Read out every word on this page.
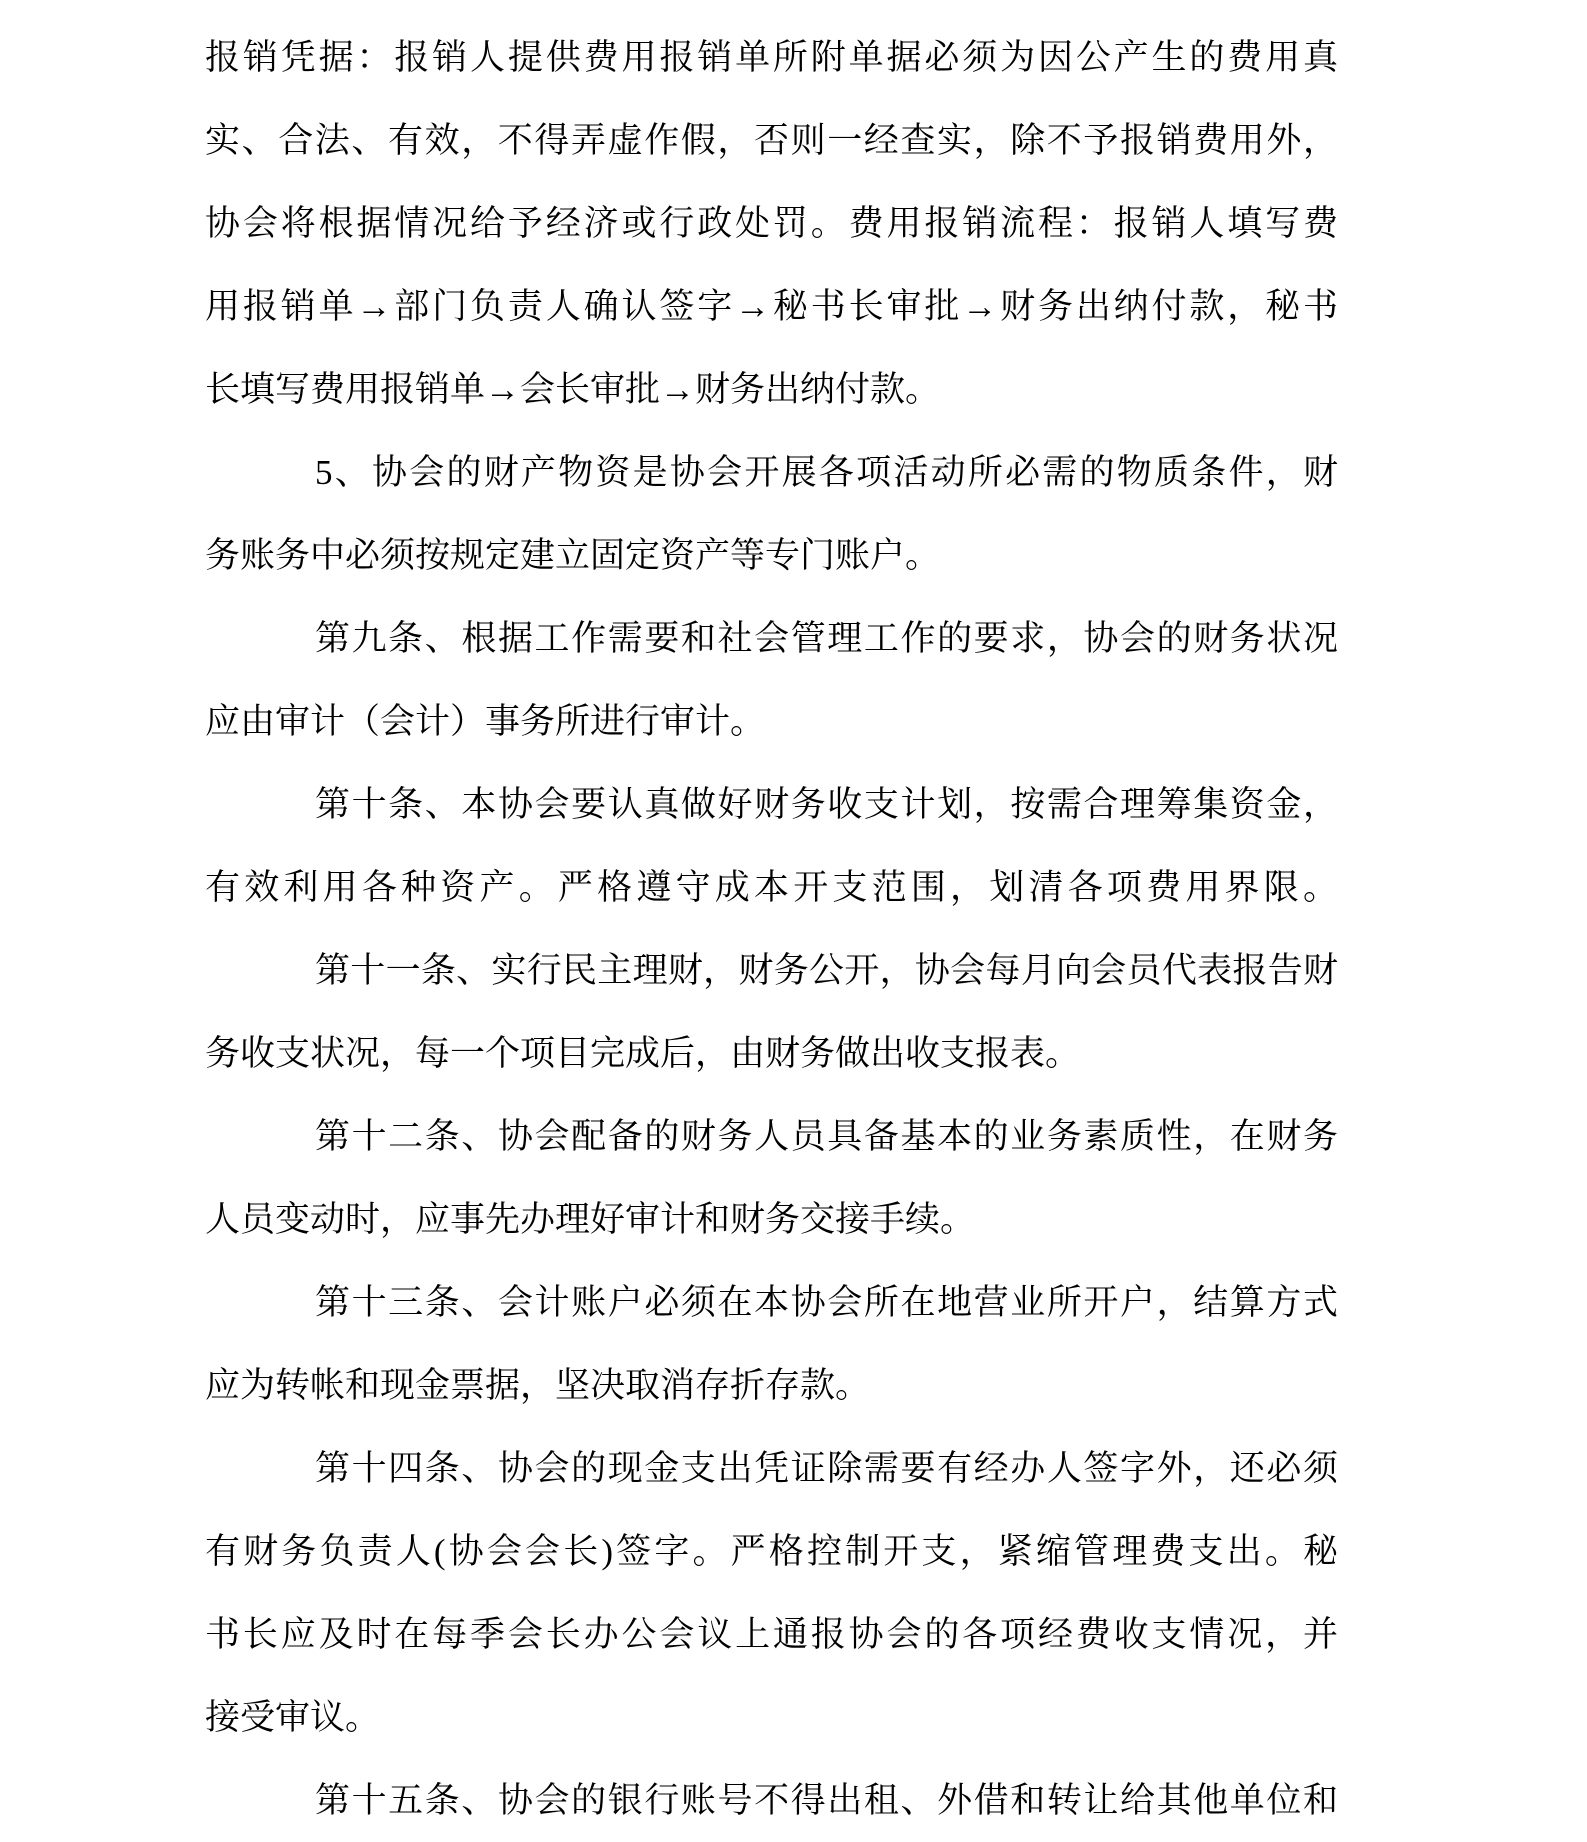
报销凭据：报销人提供费用报销单所附单据必须为因公产生的费用真
实、合法、有效，不得弄虚作假，否则一经查实，除不予报销费用外，
协会将根据情况给予经济或行政处罚。费用报销流程：报销人填写费
用报销单→部门负责人确认签字→秘书长审批→财务出纳付款，秘书
长填写费用报销单→会长审批→财务出纳付款。
5、协会的财产物资是协会开展各项活动所必需的物质条件，财
务账务中必须按规定建立固定资产等专门账户。
第九条、根据工作需要和社会管理工作的要求，协会的财务状况
应由审计（会计）事务所进行审计。
第十条、本协会要认真做好财务收支计划，按需合理筹集资金，
有效利用各种资产。严格遵守成本开支范围，划清各项费用界限。
第十一条、实行民主理财，财务公开，协会每月向会员代表报告财
务收支状况，每一个项目完成后，由财务做出收支报表。
第十二条、协会配备的财务人员具备基本的业务素质性，在财务
人员变动时，应事先办理好审计和财务交接手续。
第十三条、会计账户必须在本协会所在地营业所开户，结算方式
应为转帐和现金票据，坚决取消存折存款。
第十四条、协会的现金支出凭证除需要有经办人签字外，还必须
有财务负责人(协会会长)签字。严格控制开支，紧缩管理费支出。秘
书长应及时在每季会长办公会议上通报协会的各项经费收支情况，并
接受审议。
第十五条、协会的银行账号不得出租、外借和转让给其他单位和
